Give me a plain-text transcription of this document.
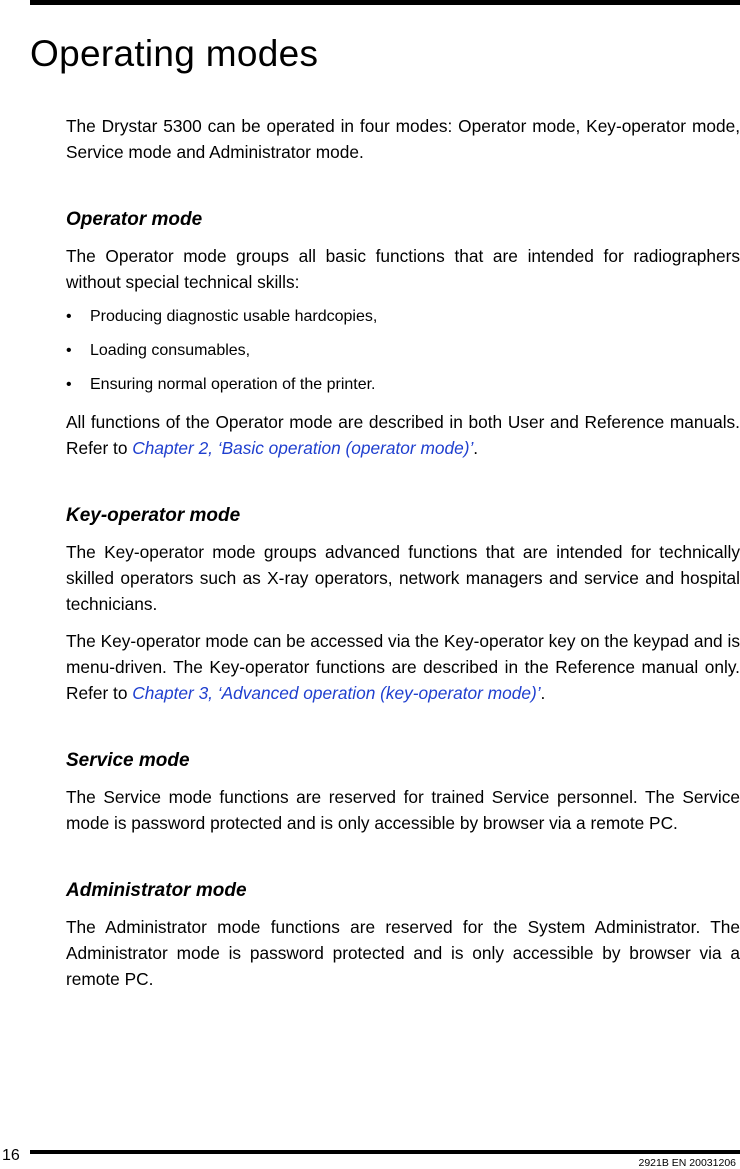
Operating modes

The Drystar 5300 can be operated in four modes: Operator mode, Key-operator mode, Service mode and Administrator mode.

Operator mode

The Operator mode groups all basic functions that are intended for radiographers without special technical skills:

• Producing diagnostic usable hardcopies,
• Loading consumables,
• Ensuring normal operation of the printer.

All functions of the Operator mode are described in both User and Reference manuals. Refer to Chapter 2, ‘Basic operation (operator mode)’.

Key-operator mode

The Key-operator mode groups advanced functions that are intended for technically skilled operators such as X-ray operators, network managers and service and hospital technicians.

The Key-operator mode can be accessed via the Key-operator key on the keypad and is menu-driven. The Key-operator functions are described in the Reference manual only. Refer to Chapter 3, ‘Advanced operation (key-operator mode)’.

Service mode

The Service mode functions are reserved for trained Service personnel. The Service mode is password protected and is only accessible by browser via a remote PC.

Administrator mode

The Administrator mode functions are reserved for the System Administrator. The Administrator mode is password protected and is only accessible by browser via a remote PC.

16	2921B EN 20031206
